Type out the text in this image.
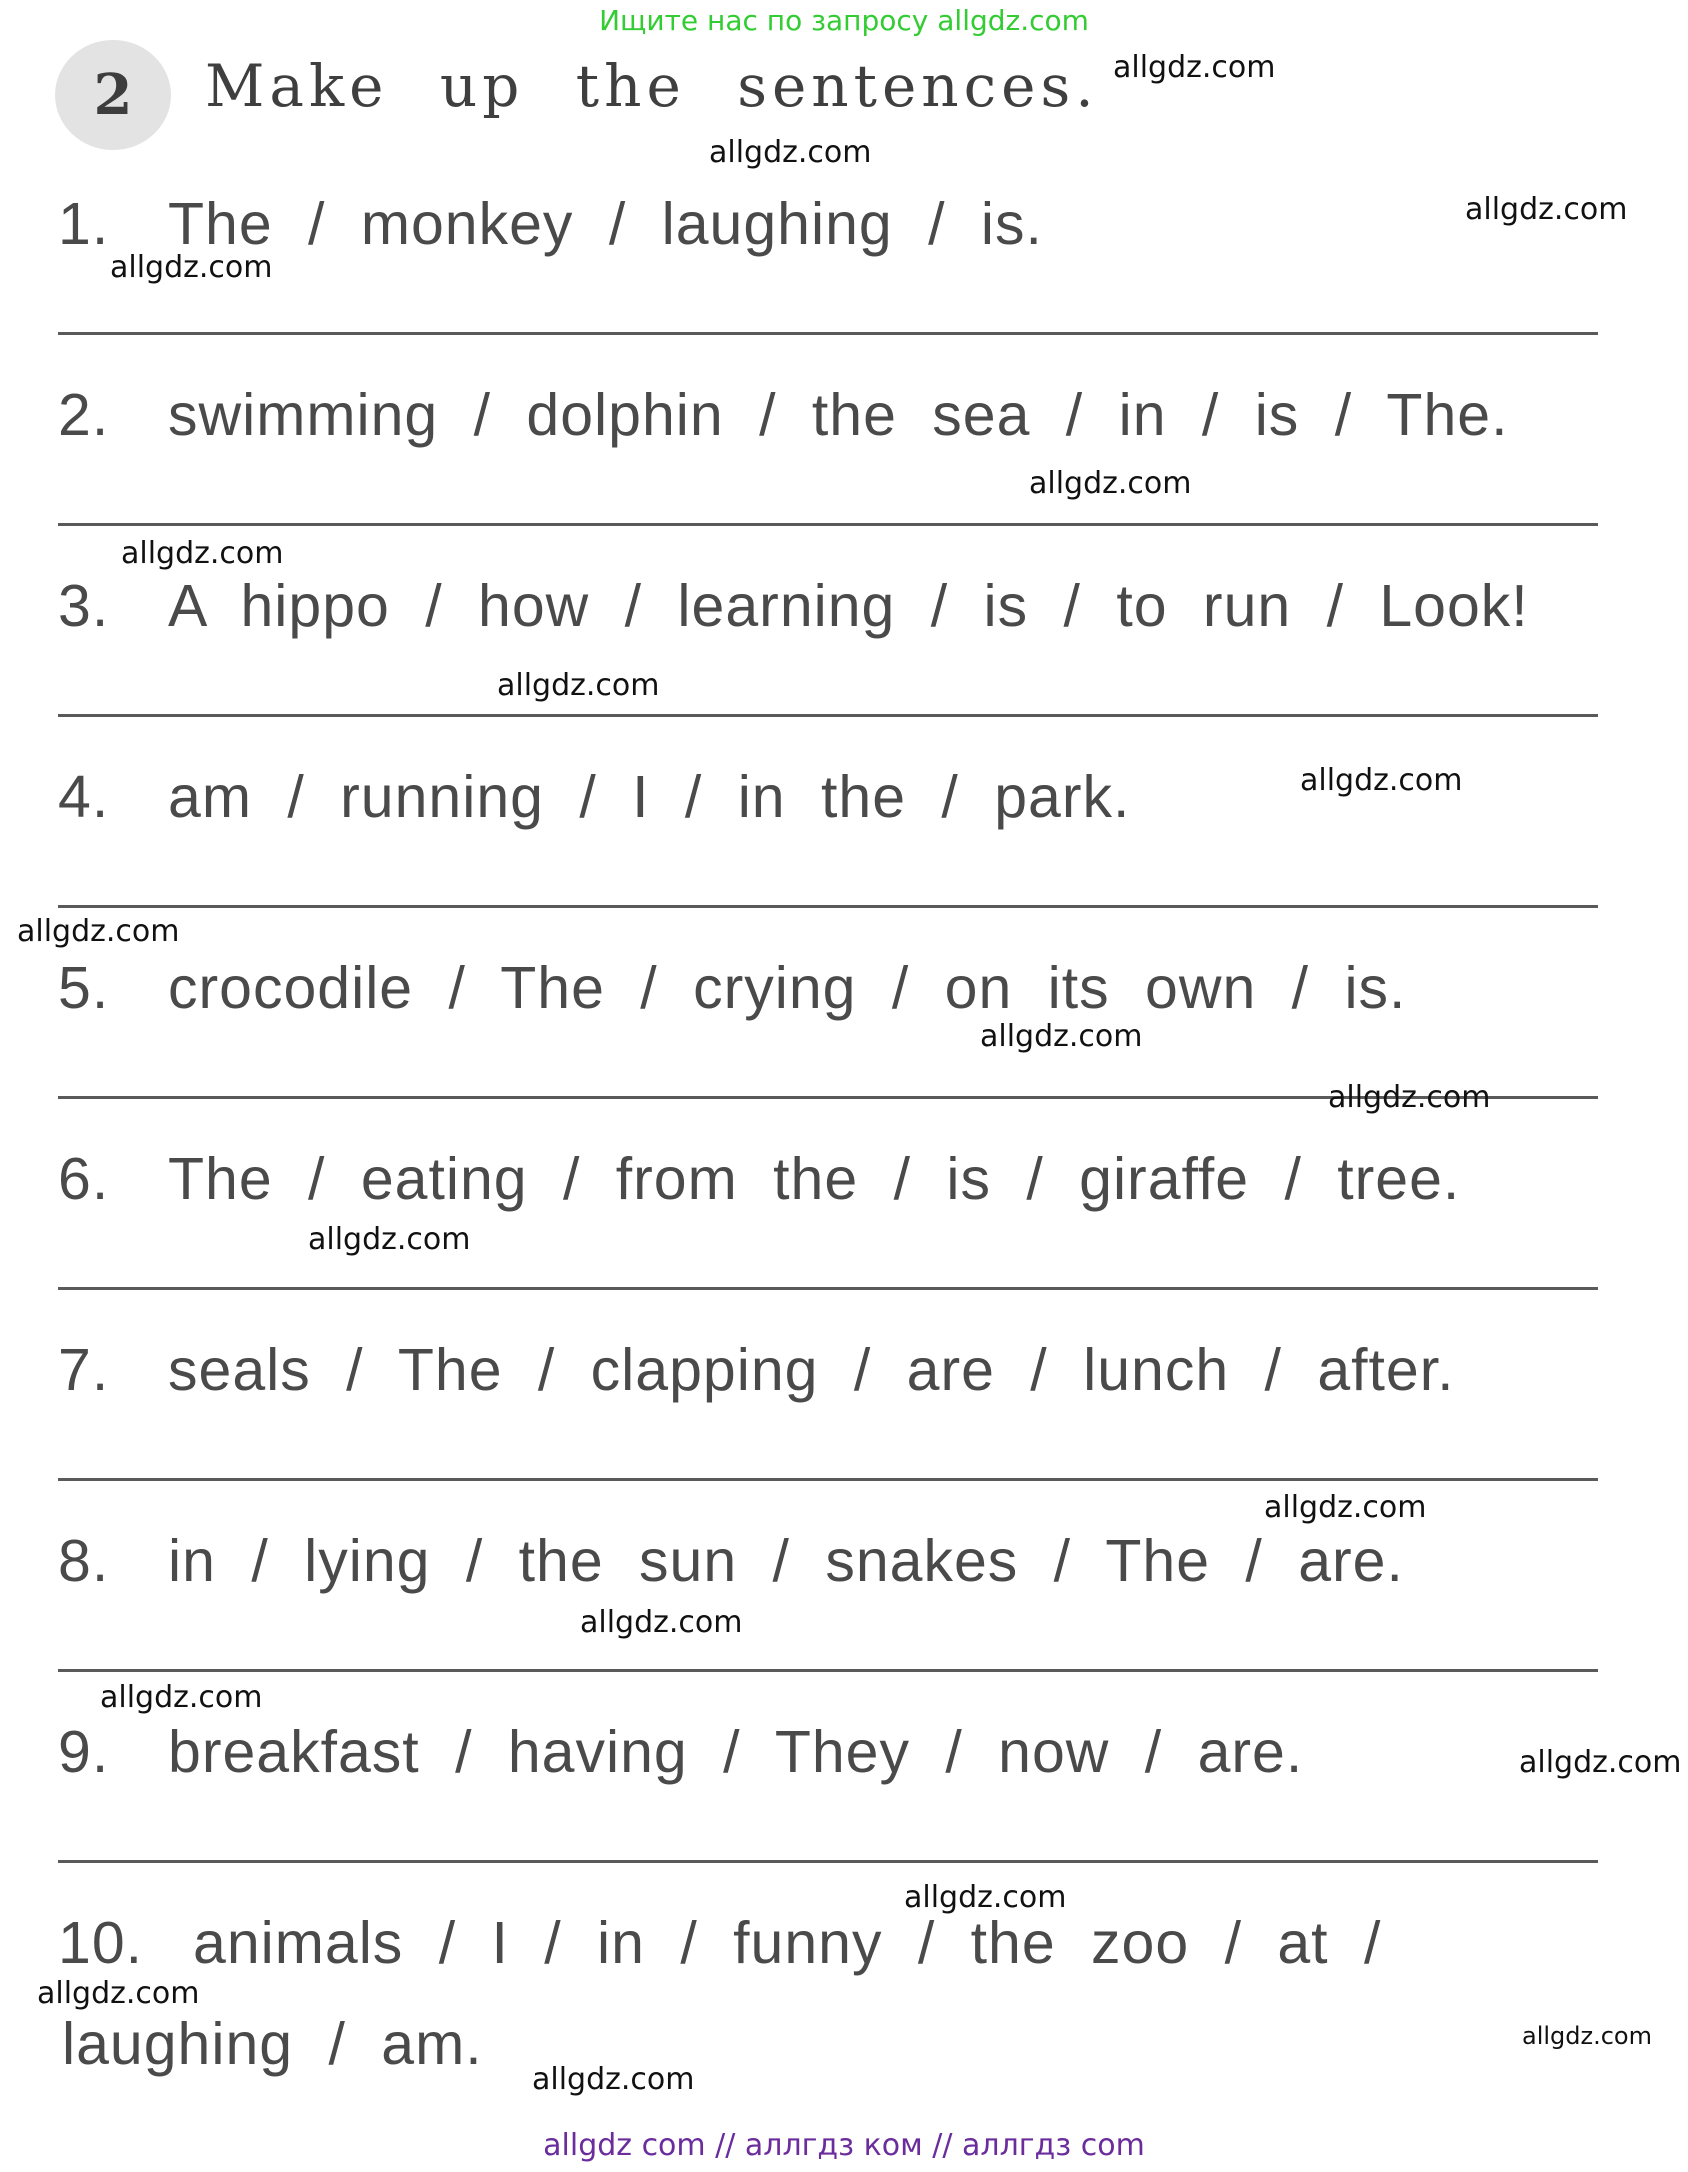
Ищите нас по запросу allgdz.com
2	Make up the sentences.
1. The / monkey / laughing / is.
2. swimming / dolphin / the sea / in / is / The.
3. A hippo / how / learning / is / to run / Look!
4. am / running / I / in the / park.
5. crocodile / The / crying / on its own / is.
6. The / eating / from the / is / giraffe / tree.
7. seals / The / clapping / are / lunch / after.
8. in / lying / the sun / snakes / The / are.
9. breakfast / having / They / now / are.
10. animals / I / in / funny / the zoo / at /
laughing / am.
allgdz.com
allgdz.com
allgdz.com
allgdz.com
allgdz.com
allgdz.com
allgdz.com
allgdz.com
allgdz.com
allgdz.com
allgdz.com
allgdz.com
allgdz.com
allgdz.com
allgdz.com
allgdz.com
allgdz.com
allgdz.com
allgdz.com
allgdz.com
allgdz com // аллгдз ком // аллгдз com
